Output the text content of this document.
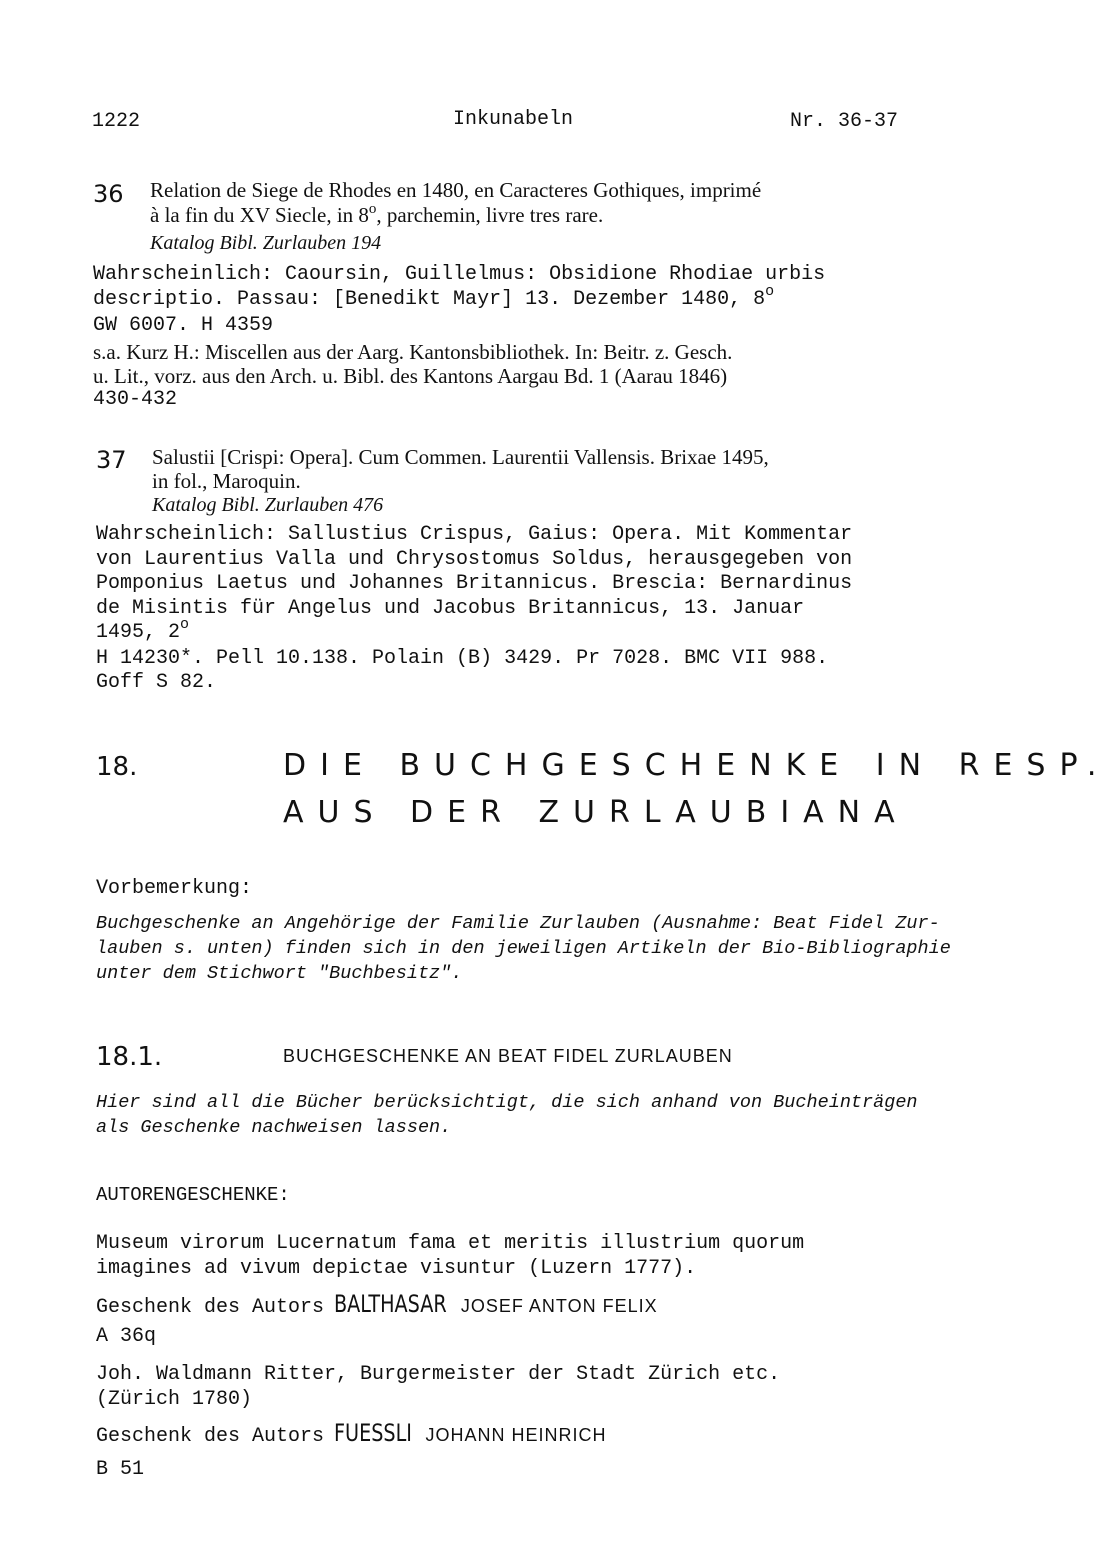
1222	Inkunabeln	Nr. 36-37
36 Relation de Siege de Rhodes en 1480, en Caracteres Gothiques, imprimé
à la fin du XV Siecle, in 8$^o$, parchemin, livre tres rare.
Katalog Bibl. Zurlauben 194
Wahrscheinlich: Caoursin, Guillelmus: Obsidione Rhodiae urbis
descriptio. Passau: [Benedikt Mayr] 13. Dezember 1480, 8$^o$
GW 6007. H 4359
s.a. Kurz H.: Miscellen aus der Aarg. Kantonsbibliothek. In: Beitr. z. Gesch.
u. Lit., vorz. aus den Arch. u. Bibl. des Kantons Aargau Bd. 1 (Aarau 1846)
430-432
37 Salustii [Crispi: Opera]. Cum Commen. Laurentii Vallensis. Brixae 1495,
in fol., Maroquin.
Katalog Bibl. Zurlauben 476
Wahrscheinlich: Sallustius Crispus, Gaius: Opera. Mit Kommentar
von Laurentius Valla und Chrysostomus Soldus, herausgegeben von
Pomponius Laetus und Johannes Britannicus. Brescia: Bernardinus
de Misintis für Angelus und Jacobus Britannicus, 13. Januar
1495, 2$^o$
H 14230*. Pell 10.138. Polain (B) 3429. Pr 7028. BMC VII 988.
Goff S 82.
18.	DIE BUCHGESCHENKE IN RESP.
AUS DER ZURLAUBIANA
Vorbemerkung:
Buchgeschenke an Angehörige der Familie Zurlauben (Ausnahme: Beat Fidel Zur-
lauben s. unten) finden sich in den jeweiligen Artikeln der Bio-Bibliographie
unter dem Stichwort "Buchbesitz".
18.1.	BUCHGESCHENKE AN BEAT FIDEL ZURLAUBEN
Hier sind all die Bücher berücksichtigt, die sich anhand von Bucheinträgen
als Geschenke nachweisen lassen.
AUTORENGESCHENKE:
Museum virorum Lucernatum fama et meritis illustrium quorum
imagines ad vivum depictae visuntur (Luzern 1777).
Geschenk des Autors BALTHASAR JOSEF ANTON FELIX
A 36q
Joh. Waldmann Ritter, Burgermeister der Stadt Zürich etc.
(Zürich 1780)
Geschenk des Autors FUESSLI JOHANN HEINRICH
B 51
